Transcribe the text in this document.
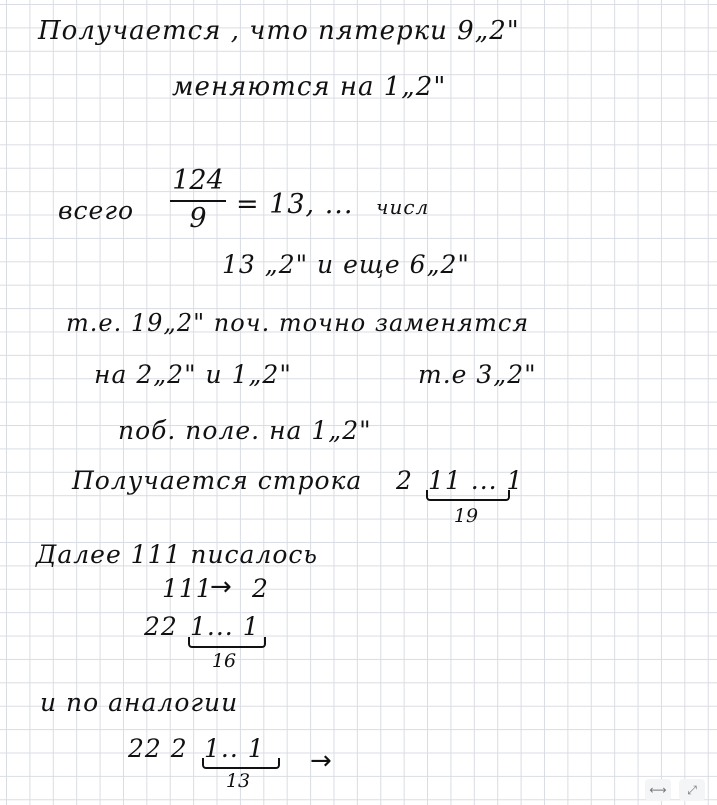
Получается , что пятерки 9„2"
меняются на 1„2"
всего
124
9	= 13, ... числ
13 „2" и еще 6„2"
т.е. 19„2" поч. точно заменятся
на 2„2" и 1„2"	т.е 3„2"
поб. поле. на 1„2"
Получается строка 2 11 ... 1
19
Далее 111 писалось
111
→ 2
22 1... 1
16
и по аналогии
22 2 1.. 1
13
→
⟷	⤢
